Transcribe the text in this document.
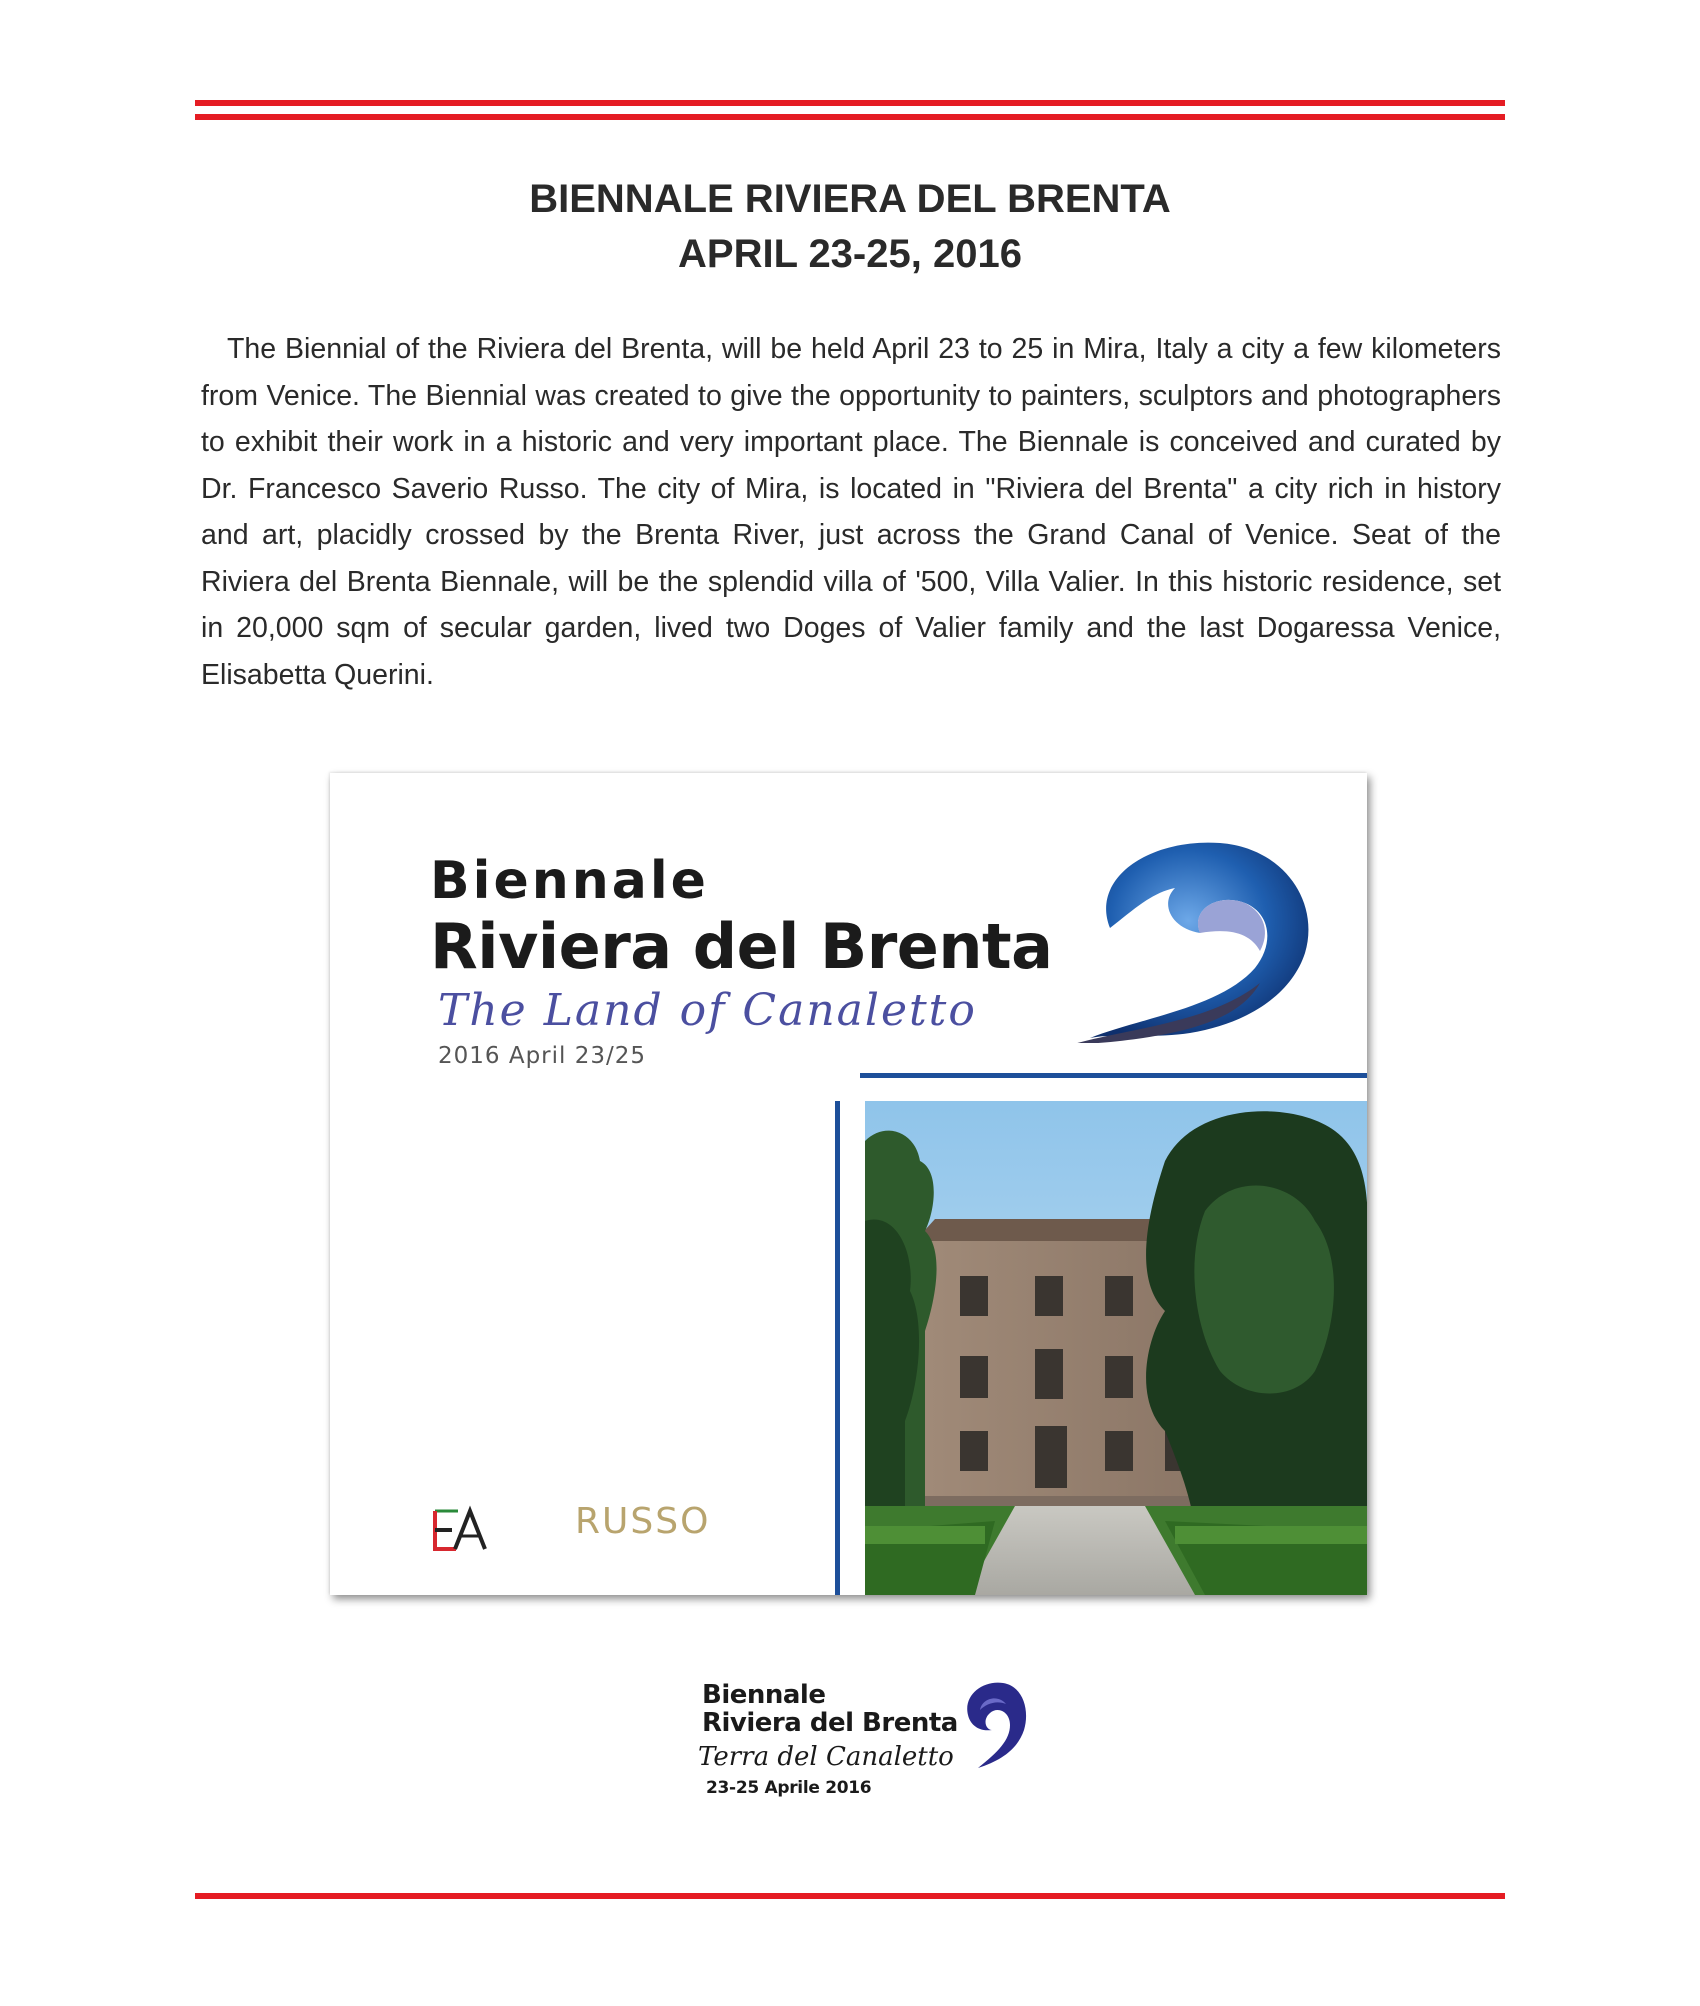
BIENNALE RIVIERA DEL BRENTA
APRIL 23-25, 2016
The Biennial of the Riviera del Brenta, will be held April 23 to 25 in Mira, Italy a city a few kilometers from Venice. The Biennial was created to give the opportunity to painters, sculptors and photographers to exhibit their work in a historic and very important place. The Biennale is conceived and curated by Dr. Francesco Saverio Russo. The city of Mira, is located in "Riviera del Brenta" a city rich in history and art, placidly crossed by the Brenta River, just across the Grand Canal of Venice. Seat of the Riviera del Brenta Biennale, will be the splendid villa of '500, Villa Valier. In this historic residence, set in 20,000 sqm of secular garden, lived two Doges of Valier family and the last Dogaressa Venice, Elisabetta Querini.
Biennale
Riviera del Brenta
The Land of Canaletto
2016 April 23/25
RUSSO
Biennale
Riviera del Brenta
Terra del Canaletto
23-25 Aprile 2016
